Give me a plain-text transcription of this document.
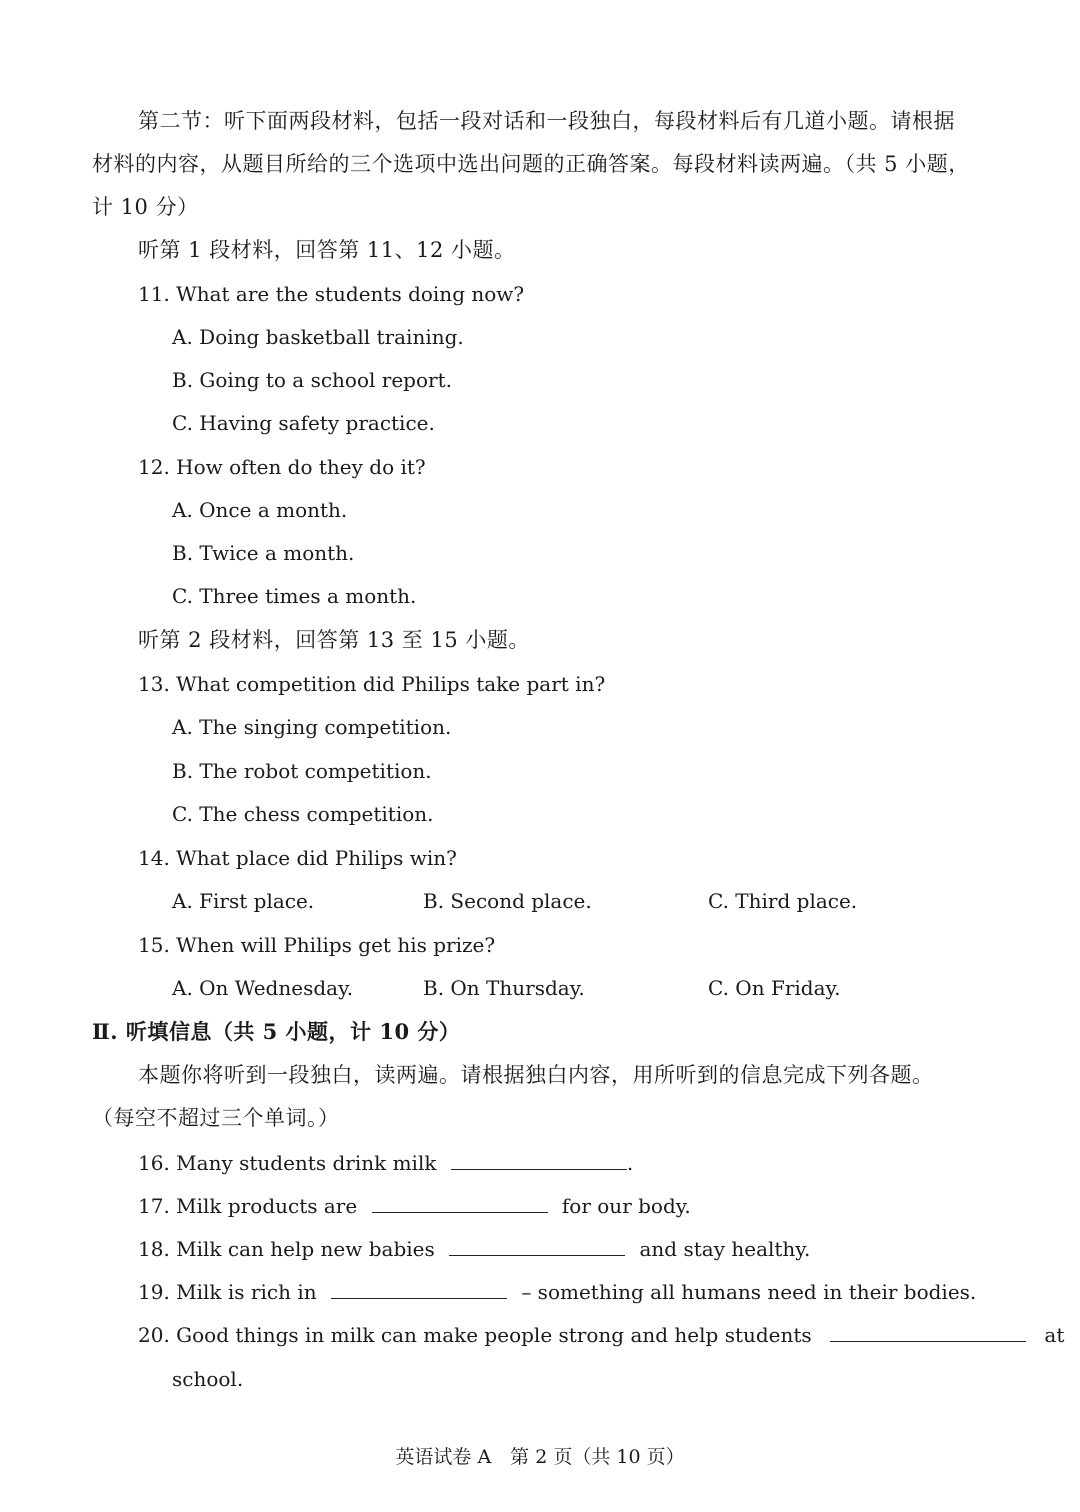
第二节：听下面两段材料，包括一段对话和一段独白，每段材料后有几道小题。请根据
材料的内容，从题目所给的三个选项中选出问题的正确答案。每段材料读两遍。（共 5 小题，
计 10 分）
听第 1 段材料，回答第 11、12 小题。
11. What are the students doing now?
A. Doing basketball training.
B. Going to a school report.
C. Having safety practice.
12. How often do they do it?
A. Once a month.
B. Twice a month.
C. Three times a month.
听第 2 段材料，回答第 13 至 15 小题。
13. What competition did Philips take part in?
A. The singing competition.
B. The robot competition.
C. The chess competition.
14. What place did Philips win?
A. First place.	B. Second place.	C. Third place.
15. When will Philips get his prize?
A. On Wednesday.	B. On Thursday.	C. On Friday.
Ⅱ. 听填信息（共 5 小题，计 10 分）
本题你将听到一段独白，读两遍。请根据独白内容，用所听到的信息完成下列各题。
（每空不超过三个单词。）
16. Many students drink milk	.
17. Milk products are	for our body.
18. Milk can help new babies	and stay healthy.
19. Milk is rich in	– something all humans need in their bodies.
20. Good things in milk can make people strong and help students	at
school.
英语试卷 A　第 2 页（共 10 页）
